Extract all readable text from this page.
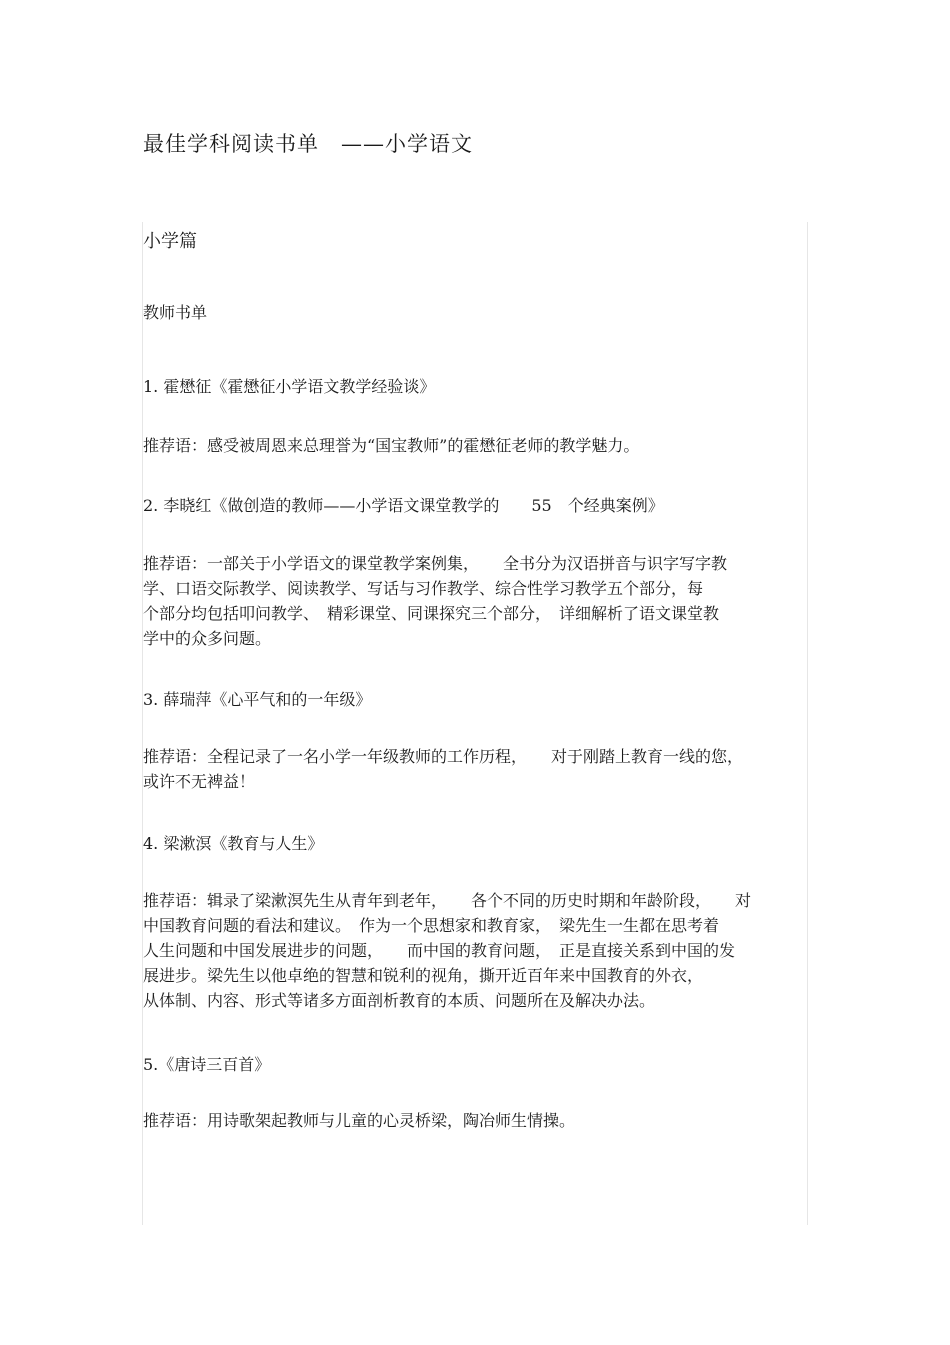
最佳学科阅读书单　——小学语文
小学篇
教师书单
1. 霍懋征《霍懋征小学语文教学经验谈》
推荐语：感受被周恩来总理誉为“国宝教师”的霍懋征老师的教学魅力。
2. 李晓红《做创造的教师——小学语文课堂教学的　　55　个经典案例》
推荐语：一部关于小学语文的课堂教学案例集，　　全书分为汉语拼音与识字写字教
学、口语交际教学、阅读教学、写话与习作教学、综合性学习教学五个部分，每
个部分均包括叩问教学、　精彩课堂、同课探究三个部分，　详细解析了语文课堂教
学中的众多问题。
3. 薛瑞萍《心平气和的一年级》
推荐语：全程记录了一名小学一年级教师的工作历程，　　对于刚踏上教育一线的您，
或许不无裨益！
4. 梁漱溟《教育与人生》
推荐语：辑录了梁漱溟先生从青年到老年，　　各个不同的历史时期和年龄阶段，　　对
中国教育问题的看法和建议。　作为一个思想家和教育家，　梁先生一生都在思考着
人生问题和中国发展进步的问题，　　而中国的教育问题，　正是直接关系到中国的发
展进步。梁先生以他卓绝的智慧和锐利的视角，撕开近百年来中国教育的外衣，
从体制、内容、形式等诸多方面剖析教育的本质、问题所在及解决办法。
5.《唐诗三百首》
推荐语：用诗歌架起教师与儿童的心灵桥梁，陶冶师生情操。
